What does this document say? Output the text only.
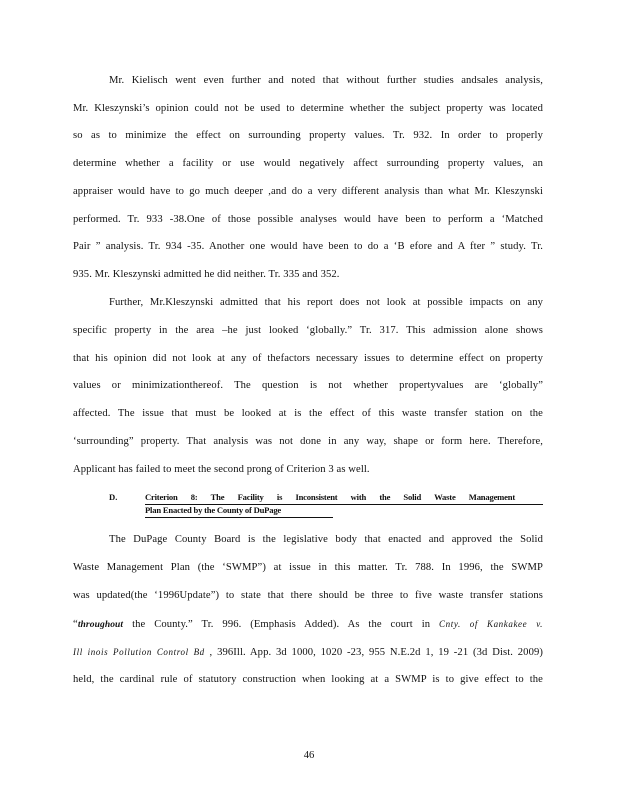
Mr. Kielisch went even further and noted that without further studies andsales analysis,
Mr. Kleszynski’s opinion could not be used to determine whether the subject property was located
so as to minimize the effect on surrounding property values. Tr. 932. In order to properly
determine whether a facility or use would negatively affect surrounding property values, an
appraiser would have to go much deeper ,and do a very different analysis than what Mr. Kleszynski
performed. Tr. 933 -38.One of those possible analyses would have been to perform a ‘Matched
Pair ” analysis. Tr. 934 -35. Another one would have been to do a ‘B efore and A fter ” study. Tr.
935. Mr. Kleszynski admitted he did neither. Tr. 335 and 352.
Further, Mr.Kleszynski admitted that his report does not look at possible impacts on any
specific property in the area –he just looked ‘globally.” Tr. 317. This admission alone shows
that his opinion did not look at any of thefactors necessary issues to determine effect on property
values or minimizationthereof. The question is not whether propertyvalues are ‘globally”
affected. The issue that must be looked at is the effect of this waste transfer station on the
‘surrounding” property. That analysis was not done in any way, shape or form here. Therefore,
Applicant has failed to meet the second prong of Criterion 3 as well.
D.	Criterion 8: The Facility is Inconsistent with the Solid Waste Management
Plan Enacted by the County of DuPage
The DuPage County Board is the legislative body that enacted and approved the Solid
Waste Management Plan (the ‘SWMP”) at issue in this matter. Tr. 788. In 1996, the SWMP
was updated(the ‘1996Update”) to state that there should be three to five waste transfer stations
“throughout the County.” Tr. 996. (Emphasis Added). As the court in Cnty. of Kankakee v.
Ill inois Pollution Control Bd , 396Ill. App. 3d 1000, 1020 -23, 955 N.E.2d 1, 19 -21 (3d Dist. 2009)
held, the cardinal rule of statutory construction when looking at a SWMP is to give effect to the
46
